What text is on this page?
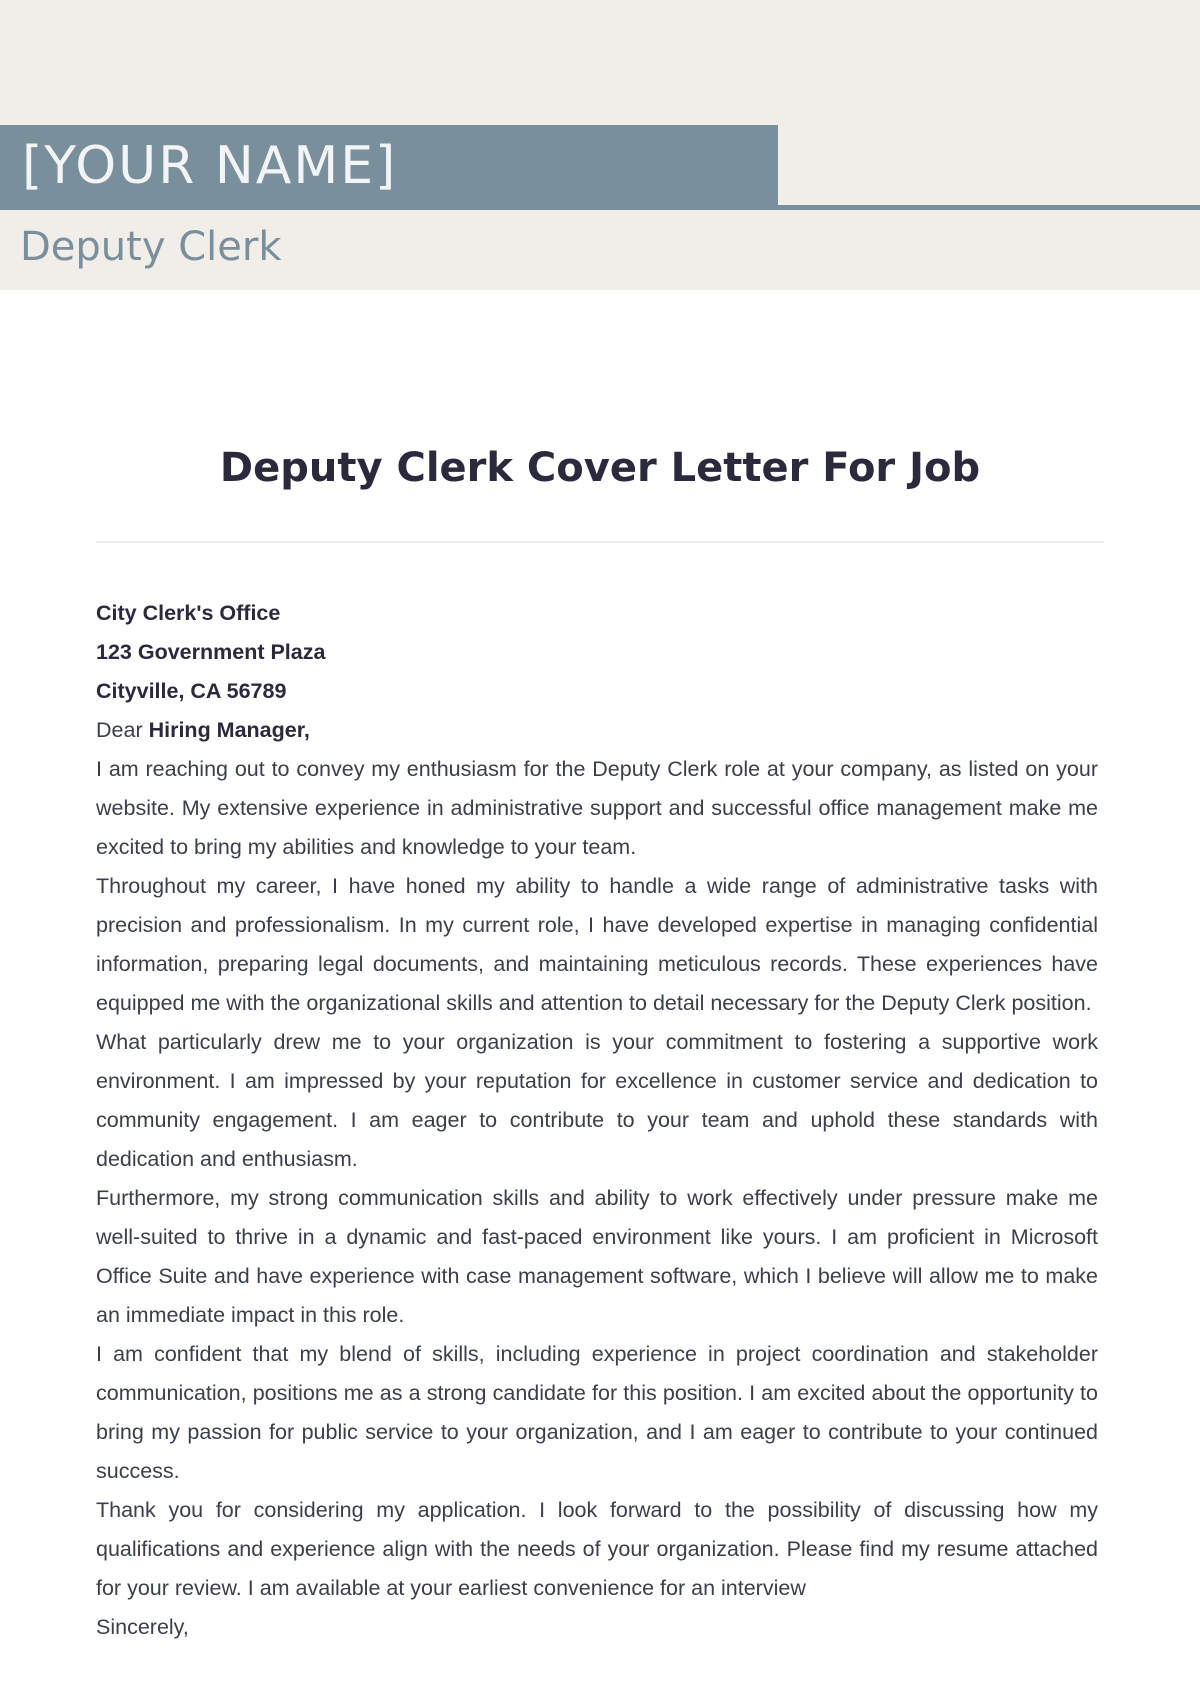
[YOUR NAME]
Deputy Clerk
Deputy Clerk Cover Letter For Job

City Clerk's Office

123 Government Plaza

Cityville, CA 56789

Dear Hiring Manager,

I am reaching out to convey my enthusiasm for the Deputy Clerk role at your company, as listed on your website. My extensive experience in administrative support and successful office management make me excited to bring my abilities and knowledge to your team.

Throughout my career, I have honed my ability to handle a wide range of administrative tasks with precision and professionalism. In my current role, I have developed expertise in managing confidential information, preparing legal documents, and maintaining meticulous records. These experiences have equipped me with the organizational skills and attention to detail necessary for the Deputy Clerk position.

What particularly drew me to your organization is your commitment to fostering a supportive work environment. I am impressed by your reputation for excellence in customer service and dedication to community engagement. I am eager to contribute to your team and uphold these standards with dedication and enthusiasm.

Furthermore, my strong communication skills and ability to work effectively under pressure make me well-suited to thrive in a dynamic and fast-paced environment like yours. I am proficient in Microsoft Office Suite and have experience with case management software, which I believe will allow me to make an immediate impact in this role.

I am confident that my blend of skills, including experience in project coordination and stakeholder communication, positions me as a strong candidate for this position. I am excited about the opportunity to bring my passion for public service to your organization, and I am eager to contribute to your continued success.

Thank you for considering my application. I look forward to the possibility of discussing how my qualifications and experience align with the needs of your organization. Please find my resume attached for your review. I am available at your earliest convenience for an interview

Sincerely,
